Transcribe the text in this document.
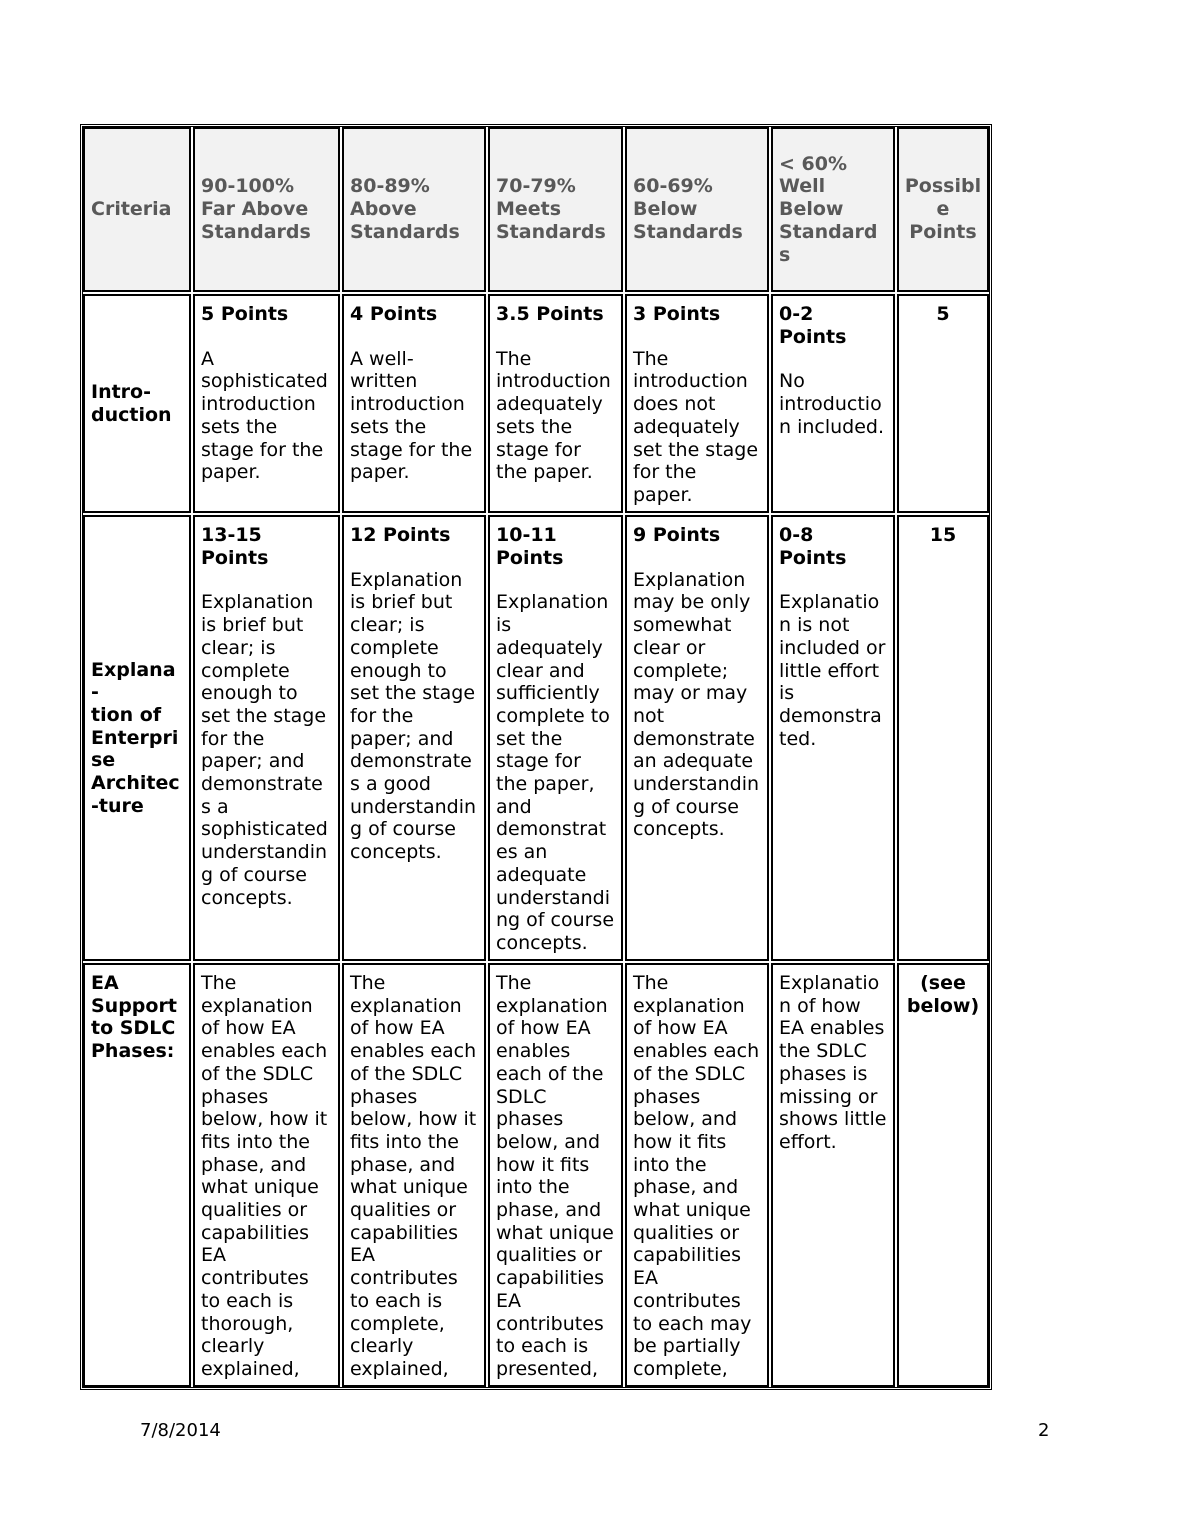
Criteria
90-100%
Far Above
Standards
80-89%
Above
Standards
70-79%
Meets
Standards
60-69%
Below
Standards
< 60%
Well
Below
Standard
s
Possibl
e
Points
Intro-
duction
5 Points
A sophisticated introduction sets the stage for the paper.
4 Points
A well-written introduction sets the stage for the paper.
3.5 Points
The introduction adequately sets the stage for the paper.
3 Points
The introduction does not adequately set the stage for the paper.
0-2 Points
No introductio n included.
5
Explana-
tion of
Enterpri
se
Architec
-ture
13-15 Points
Explanation is brief but clear; is complete enough to set the stage for the paper; and demonstrates a sophisticated understandin g of course concepts.
12 Points
Explanation is brief but clear; is complete enough to set the stage for the paper; and demonstrate s a good understandin g of course concepts.
10-11 Points
Explanation is adequately clear and sufficiently complete to set the stage for the paper, and demonstrat es an adequate understandi ng of course concepts.
9 Points
Explanation may be only somewhat clear or complete; may or may not demonstrate an adequate understandin g of course concepts.
0-8 Points
Explanatio n is not included or little effort is demonstra ted.
15
EA
Support
to SDLC
Phases:
The explanation of how EA enables each of the SDLC phases below, how it fits into the phase, and what unique qualities or capabilities EA contributes to each is thorough, clearly explained,
The explanation of how EA enables each of the SDLC phases below, how it fits into the phase, and what unique qualities or capabilities EA contributes to each is complete, clearly explained,
The explanation of how EA enables each of the SDLC phases below, and how it fits into the phase, and what unique qualities or capabilities EA contributes to each is presented,
The explanation of how EA enables each of the SDLC phases below, and how it fits into the phase, and what unique qualities or capabilities EA contributes to each may be partially complete,
Explanatio n of how EA enables the SDLC phases is missing or shows little effort.
(see below)
7/8/2014	2
